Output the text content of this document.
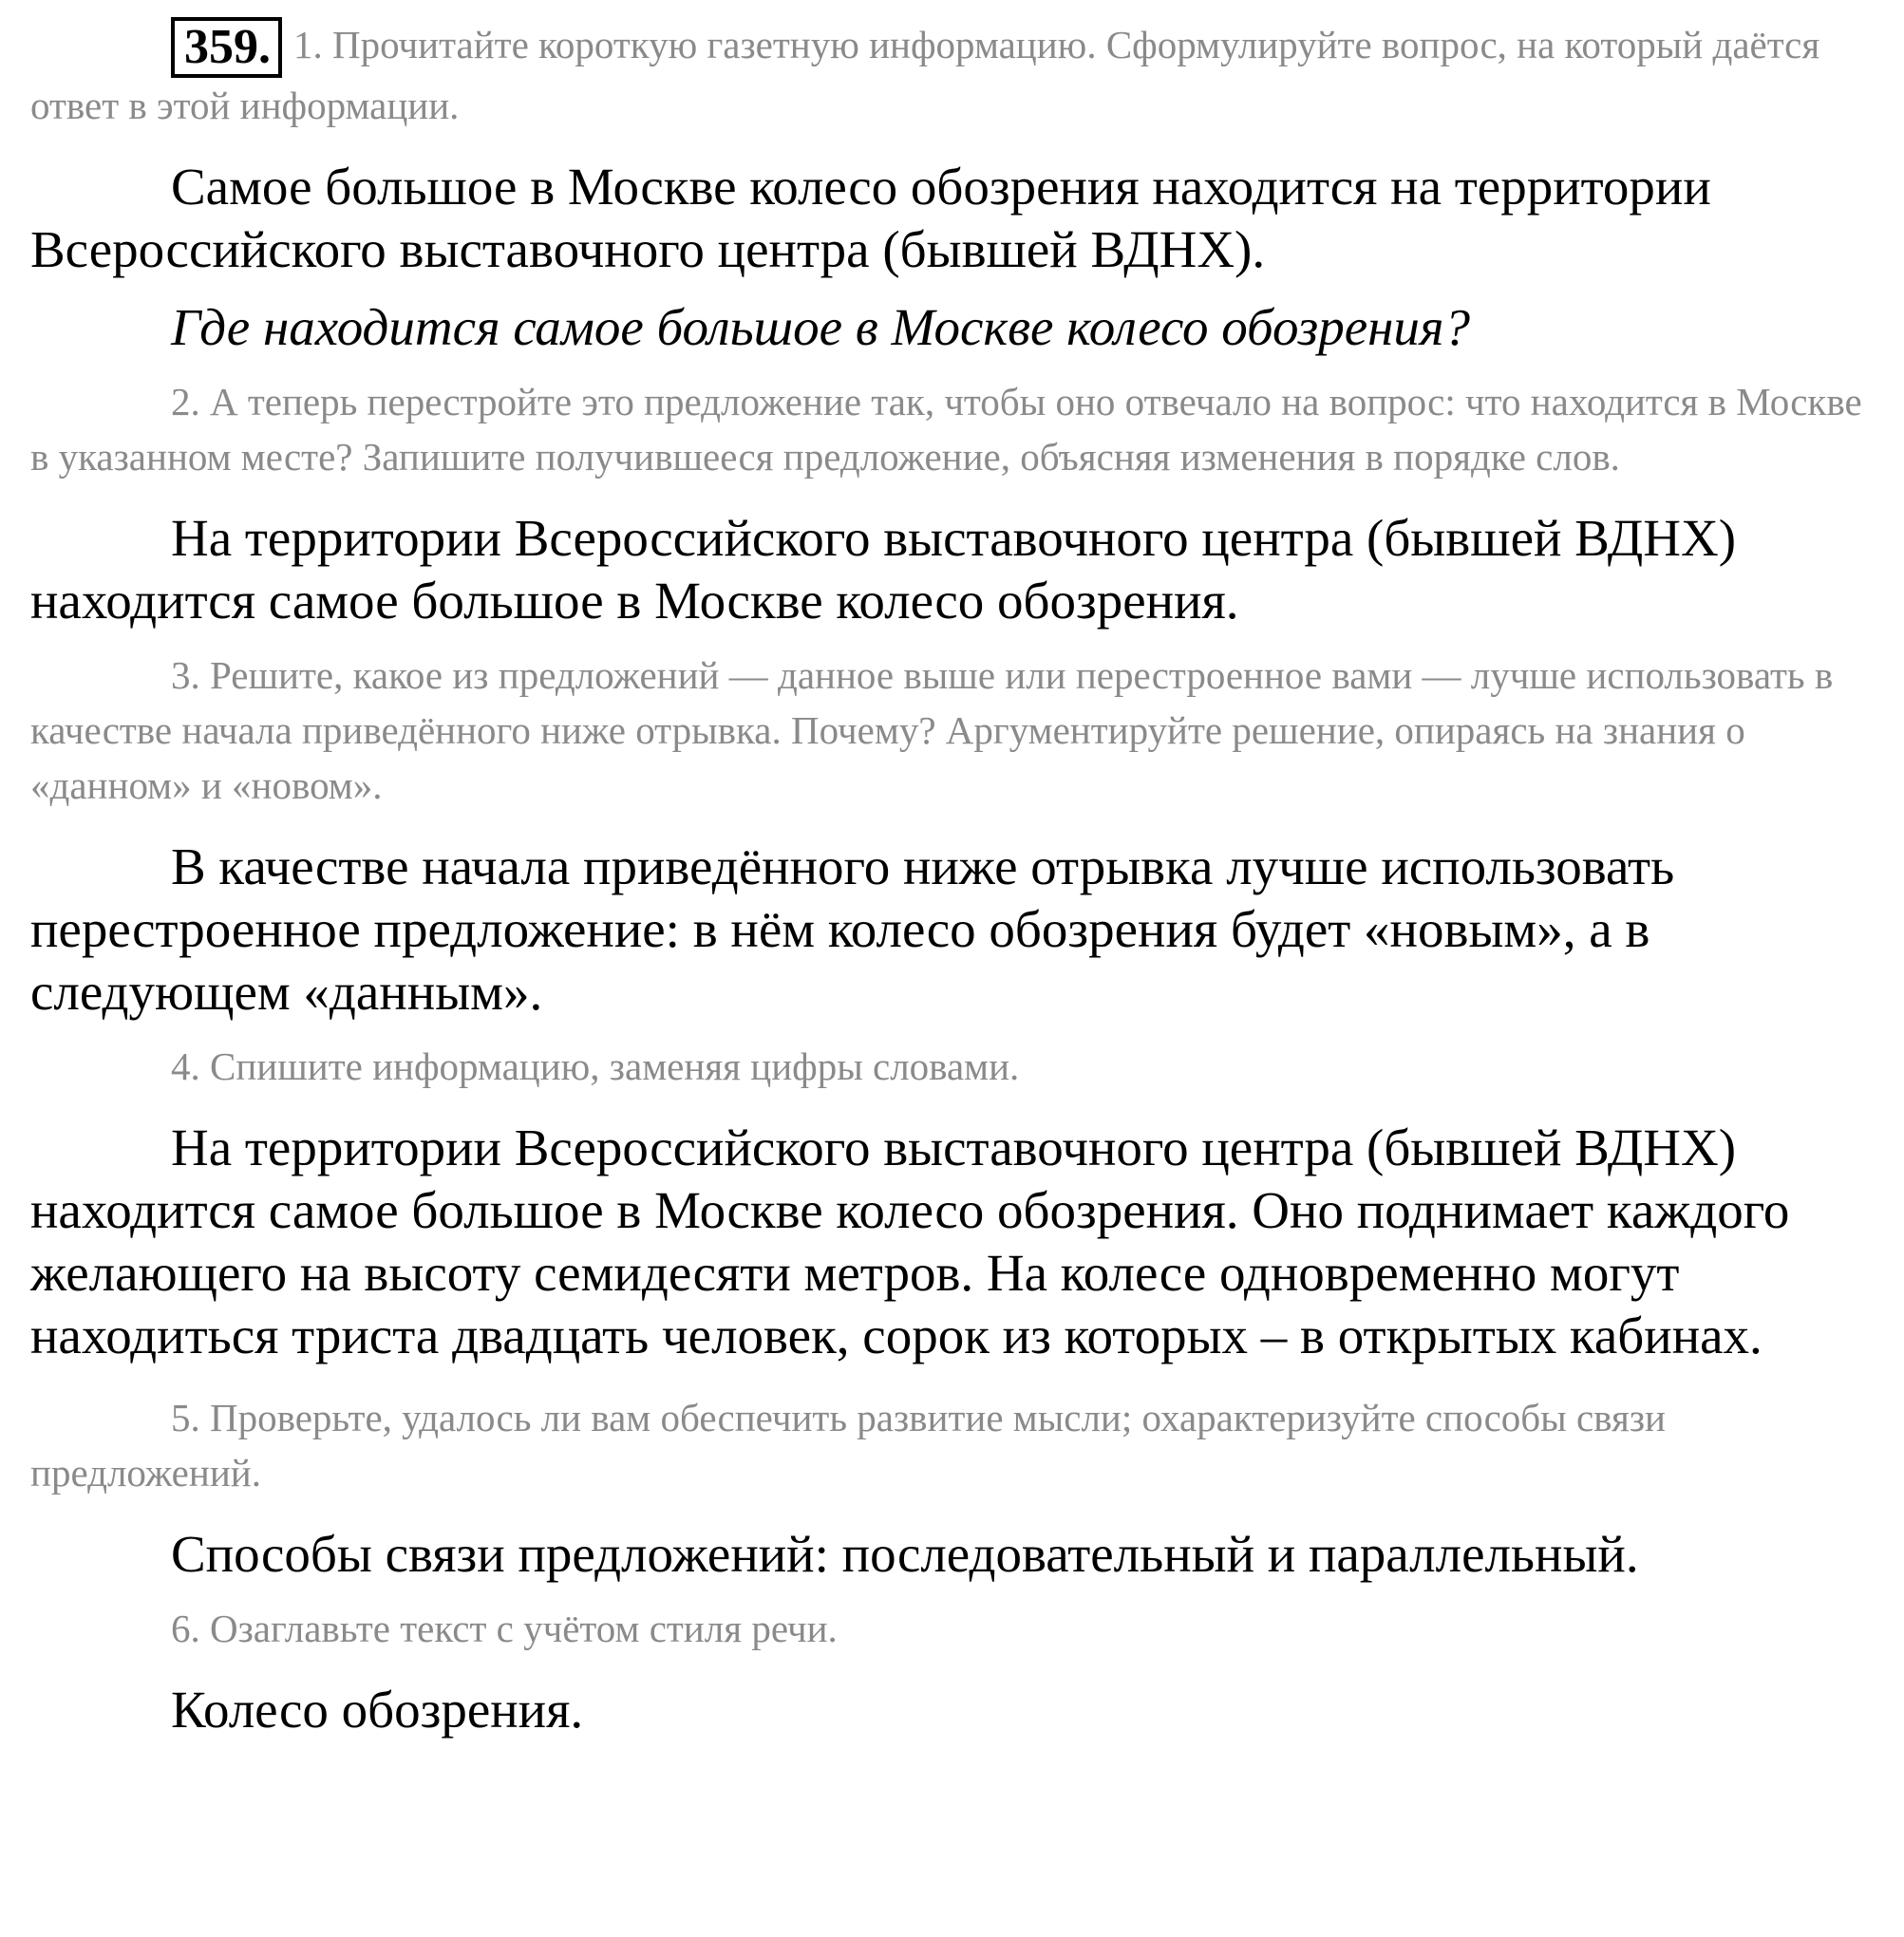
359. 1. Прочитайте короткую газетную информацию. Сформулируйте вопрос, на который даётся ответ в этой информации.

Самое большое в Москве колесо обозрения находится на территории Всероссийского выставочного центра (бывшей ВДНХ).

Где находится самое большое в Москве колесо обозрения?

2. А теперь перестройте это предложение так, чтобы оно отвечало на вопрос: что находится в Москве в указанном месте? Запишите получившееся предложение, объясняя изменения в порядке слов.

На территории Всероссийского выставочного центра (бывшей ВДНХ) находится самое большое в Москве колесо обозрения.

3. Решите, какое из предложений — данное выше или перестроенное вами — лучше использовать в качестве начала приведённого ниже отрывка. Почему? Аргументируйте решение, опираясь на знания о «данном» и «новом».

В качестве начала приведённого ниже отрывка лучше использовать перестроенное предложение: в нём колесо обозрения будет «новым», а в следующем «данным».

4. Спишите информацию, заменяя цифры словами.

На территории Всероссийского выставочного центра (бывшей ВДНХ) находится самое большое в Москве колесо обозрения. Оно поднимает каждого желающего на высоту семидесяти метров. На колесе одновременно могут находиться триста двадцать человек, сорок из которых – в открытых кабинах.

5. Проверьте, удалось ли вам обеспечить развитие мысли; охарактеризуйте способы связи предложений.

Способы связи предложений: последовательный и параллельный.

6. Озаглавьте текст с учётом стиля речи.

Колесо обозрения.
